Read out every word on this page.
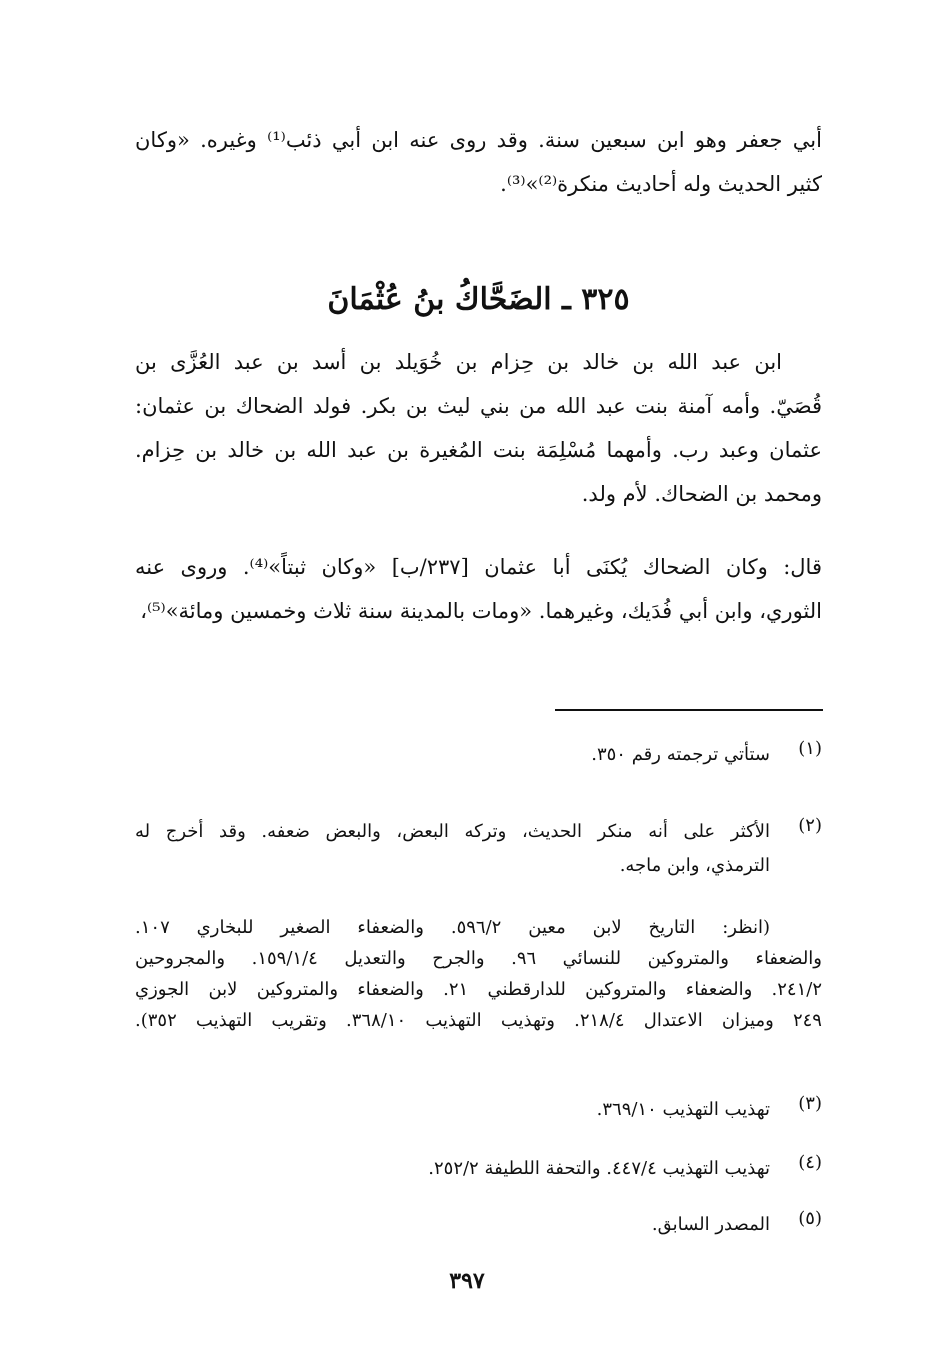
أبي جعفر وهو ابن سبعين سنة. وقد روى عنه ابن أبي ذئب⁽¹⁾ وغيره. «وكان
كثير الحديث وله أحاديث منكرة⁽²⁾»⁽³⁾.
٣٢٥ ـ الضَحَّاكُ بنُ عُثْمَانَ
ابن عبد الله بن خالد بن حِزام بن خُوَيلد بن أسد بن عبد العُزَّى بن
قُصَيّ. وأمه آمنة بنت عبد الله من بني ليث بن بكر. فولد الضحاك بن عثمان:
عثمان وعبد رب. وأمهما مُسْلِمَة بنت المُغيرة بن عبد الله بن خالد بن حِزام.
ومحمد بن الضحاك. لأم ولد.
قال: وكان الضحاك يُكنَى أبا عثمان [٢٣٧/ب] «وكان ثبتاً»⁽⁴⁾. وروى عنه
الثوري، وابن أبي فُدَيك، وغيرهما. «ومات بالمدينة سنة ثلاث وخمسين ومائة»⁽⁵⁾،
(١)
ستأتي ترجمته رقم ٣٥٠.
(٢)
الأكثر على أنه منكر الحديث، وتركه البعض، والبعض ضعفه. وقد أخرج له
الترمذي، وابن ماجه.
(انظر: التاريخ لابن معين ٥٩٦/٢. والضعفاء الصغير للبخاري ١٠٧.
والضعفاء والمتروكين للنسائي ٩٦. والجرح والتعديل ١٥٩/١/٤. والمجروحين
٢٤١/٢. والضعفاء والمتروكين للدارقطني ٢١. والضعفاء والمتروكين لابن الجوزي
٢٤٩ وميزان الاعتدال ٢١٨/٤. وتهذيب التهذيب ٣٦٨/١٠. وتقريب التهذيب ٣٥٢).
(٣)
تهذيب التهذيب ٣٦٩/١٠.
(٤)
تهذيب التهذيب ٤٤٧/٤. والتحفة اللطيفة ٢٥٢/٢.
(٥)
المصدر السابق.
٣٩٧
